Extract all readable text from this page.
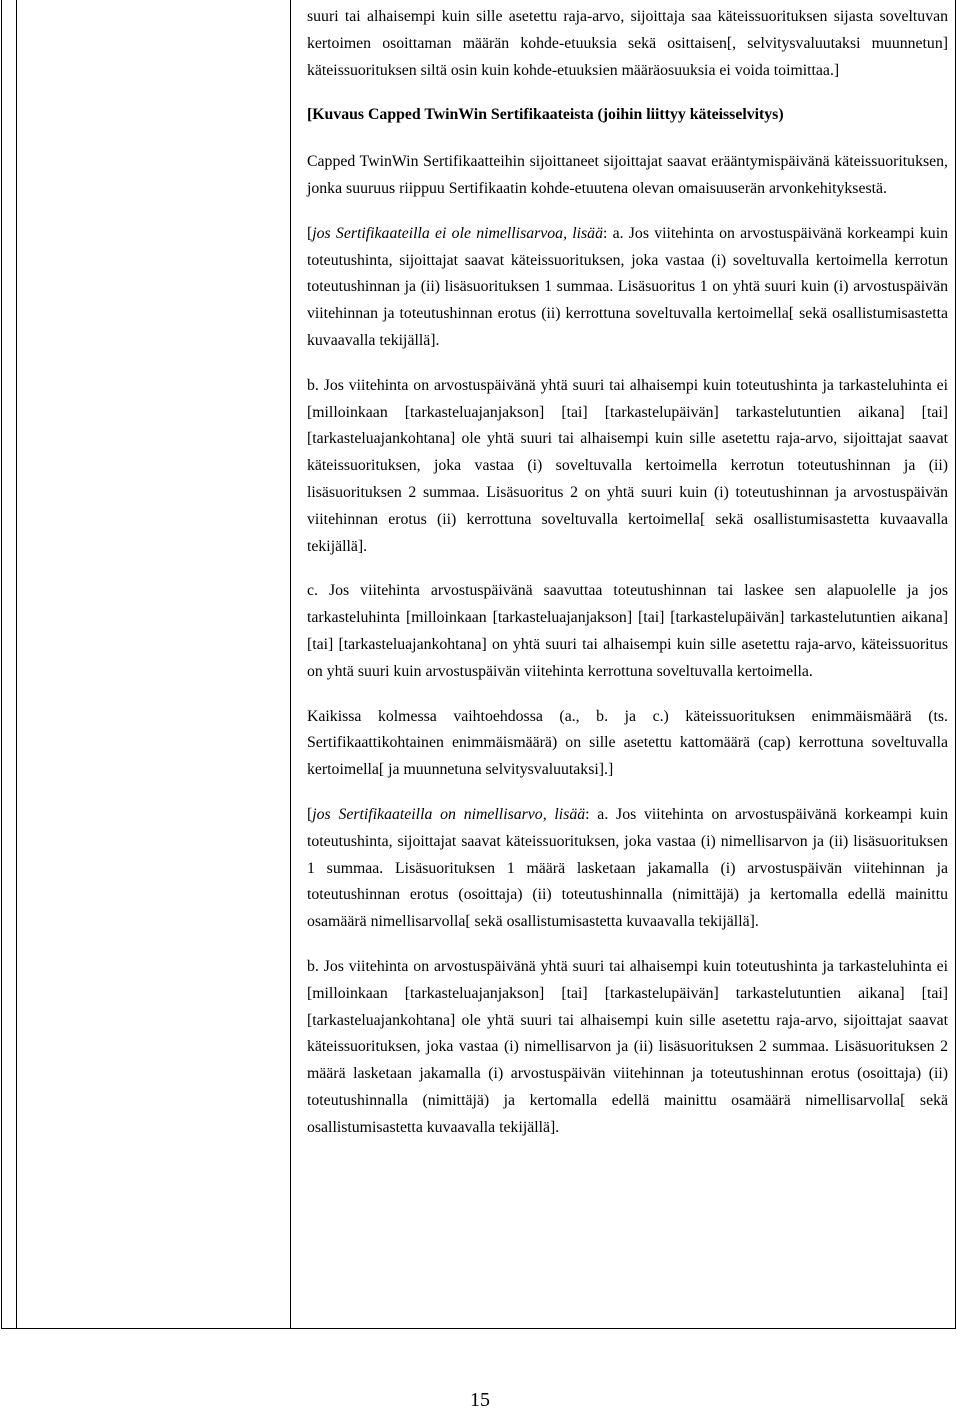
suuri tai alhaisempi kuin sille asetettu raja-arvo, sijoittaja saa käteissuorituksen sijasta soveltuvan kertoimen osoittaman määrän kohde-etuuksia sekä osittaisen[, selvitysvaluutaksi muunnetun] käteissuorituksen siltä osin kuin kohde-etuuksien määräosuuksia ei voida toimittaa.]

[Kuvaus Capped TwinWin Sertifikaateista (joihin liittyy käteisselvitys)

Capped TwinWin Sertifikaatteihin sijoittaneet sijoittajat saavat erääntymispäivänä käteissuorituksen, jonka suuruus riippuu Sertifikaatin kohde-etuutena olevan omaisuuserän arvonkehityksestä.

[jos Sertifikaateilla ei ole nimellisarvoa, lisää: a. Jos viitehinta on arvostuspäivänä korkeampi kuin toteutushinta, sijoittajat saavat käteissuorituksen, joka vastaa (i) soveltuvalla kertoimella kerrotun toteutushinnan ja (ii) lisäsuorituksen 1 summaa. Lisäsuoritus 1 on yhtä suuri kuin (i) arvostuspäivän viitehinnan ja toteutushinnan erotus (ii) kerrottuna soveltuvalla kertoimella[ sekä osallistumisastetta kuvaavalla tekijällä].

b. Jos viitehinta on arvostuspäivänä yhtä suuri tai alhaisempi kuin toteutushinta ja tarkasteluhinta ei [milloinkaan [tarkasteluajanjakson] [tai] [tarkastelupäivän] tarkastelutuntien aikana] [tai] [tarkasteluajankohtana] ole yhtä suuri tai alhaisempi kuin sille asetettu raja-arvo, sijoittajat saavat käteissuorituksen, joka vastaa (i) soveltuvalla kertoimella kerrotun toteutushinnan ja (ii) lisäsuorituksen 2 summaa. Lisäsuoritus 2 on yhtä suuri kuin (i) toteutushinnan ja arvostuspäivän viitehinnan erotus (ii) kerrottuna soveltuvalla kertoimella[ sekä osallistumisastetta kuvaavalla tekijällä].

c. Jos viitehinta arvostuspäivänä saavuttaa toteutushinnan tai laskee sen alapuolelle ja jos tarkasteluhinta [milloinkaan [tarkasteluajanjakson] [tai] [tarkastelupäivän] tarkastelutuntien aikana] [tai] [tarkasteluajankohtana] on yhtä suuri tai alhaisempi kuin sille asetettu raja-arvo, käteissuoritus on yhtä suuri kuin arvostuspäivän viitehinta kerrottuna soveltuvalla kertoimella.

Kaikissa kolmessa vaihtoehdossa (a., b. ja c.) käteissuorituksen enimmäismäärä (ts. Sertifikaattikohtainen enimmäismäärä) on sille asetettu kattomäärä (cap) kerrottuna soveltuvalla kertoimella[ ja muunnetuna selvitysvaluutaksi].]

[jos Sertifikaateilla on nimellisarvo, lisää: a. Jos viitehinta on arvostuspäivänä korkeampi kuin toteutushinta, sijoittajat saavat käteissuorituksen, joka vastaa (i) nimellisarvon ja (ii) lisäsuorituksen 1 summaa. Lisäsuorituksen 1 määrä lasketaan jakamalla (i) arvostuspäivän viitehinnan ja toteutushinnan erotus (osoittaja) (ii) toteutushinnalla (nimittäjä) ja kertomalla edellä mainittu osamäärä nimellisarvolla[ sekä osallistumisastetta kuvaavalla tekijällä].

b. Jos viitehinta on arvostuspäivänä yhtä suuri tai alhaisempi kuin toteutushinta ja tarkasteluhinta ei [milloinkaan [tarkasteluajanjakson] [tai] [tarkastelupäivän] tarkastelutuntien aikana] [tai] [tarkasteluajankohtana] ole yhtä suuri tai alhaisempi kuin sille asetettu raja-arvo, sijoittajat saavat käteissuorituksen, joka vastaa (i) nimellisarvon ja (ii) lisäsuorituksen 2 summaa. Lisäsuorituksen 2 määrä lasketaan jakamalla (i) arvostuspäivän viitehinnan ja toteutushinnan erotus (osoittaja) (ii) toteutushinnalla (nimittäjä) ja kertomalla edellä mainittu osamäärä nimellisarvolla[ sekä osallistumisastetta kuvaavalla tekijällä].

15
